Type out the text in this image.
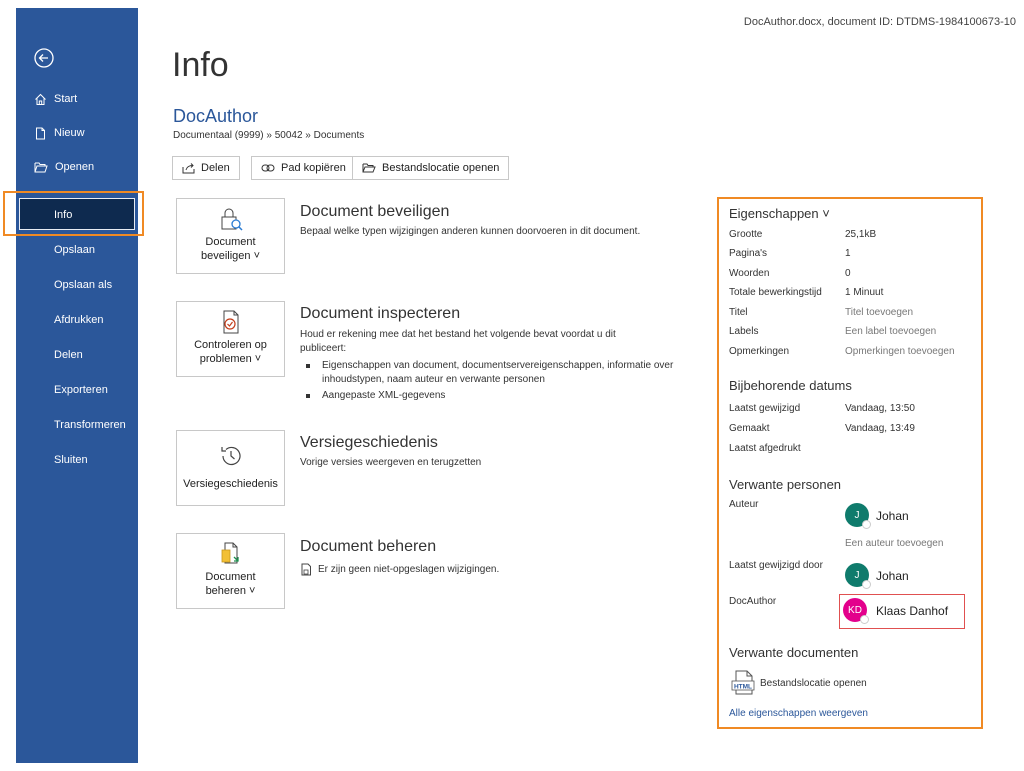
Start
Nieuw
Openen
Info
Opslaan
Opslaan als
Afdrukken
Delen
Exporteren
Transformeren
Sluiten
DocAuthor.docx, document ID: DTDMS-1984100673-10
Info
DocAuthor
Documentaal (9999) » 50042 » Documents
Delen	Pad kopiëren	Bestandslocatie openen
Document
beveiligen ˅
Document beveiligen
Bepaal welke typen wijzigingen anderen kunnen doorvoeren in dit document.
Controleren op
problemen ˅
Document inspecteren
Houd er rekening mee dat het bestand het volgende bevat voordat u dit publiceert:
Eigenschappen van document, documentservereigenschappen, informatie over inhoudstypen, naam auteur en verwante personen
Aangepaste XML-gegevens
Versiegeschiedenis
Versiegeschiedenis
Vorige versies weergeven en terugzetten
Document
beheren ˅
Document beheren
Er zijn geen niet-opgeslagen wijzigingen.
Eigenschappen ˅
Grootte	25,1kB
Pagina's	1
Woorden	0
Totale bewerkingstijd 1 Minuut
Titel	Titel toevoegen
Labels	Een label toevoegen
Opmerkingen	Opmerkingen toevoegen
Bijbehorende datums
Laatst gewijzigd	Vandaag, 13:50
Gemaakt	Vandaag, 13:49
Laatst afgedrukt
Verwante personen
Auteur
J Johan
Een auteur toevoegen
Laatst gewijzigd door
J Johan
DocAuthor
KD Klaas Danhof
Verwante documenten
HTML Bestandslocatie openen
Alle eigenschappen weergeven
